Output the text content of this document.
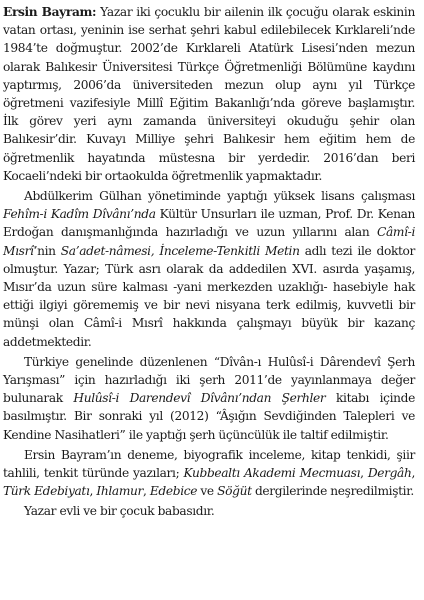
Ersin Bayram: Yazar iki çocuklu bir ailenin ilk çocuğu olarak eskinin vatan ortası, yeninin ise serhat şehri kabul edilebilecek Kırklareli’nde 1984’te doğmuştur. 2002’de Kırklareli Atatürk Lisesi’nden mezun olarak Balıkesir Üniversitesi Türkçe Öğretmenliği Bölümüne kaydını yaptırmış, 2006’da üniversiteden mezun olup aynı yıl Türkçe öğretmeni vazifesiyle Millî Eğitim Bakanlığı’nda göreve başlamıştır. İlk görev yeri aynı zamanda üniversiteyi okuduğu şehir olan Balıkesir’dir. Kuvayı Milliye şehri Balıkesir hem eğitim hem de öğretmenlik hayatında müstesna bir yerdedir. 2016’dan beri Kocaeli’ndeki bir ortaokulda öğretmenlik yapmaktadır.

Abdülkerim Gülhan yönetiminde yaptığı yüksek lisans çalışması Fehîm-i Kadîm Dîvânı’nda Kültür Unsurları ile uzman, Prof. Dr. Kenan Erdoğan danışmanlığında hazırladığı ve uzun yıllarını alan Câmî-i Mısrî’nin Sa’adet-nâmesi, İnceleme-Tenkitli Metin adlı tezi ile doktor olmuştur. Yazar; Türk asrı olarak da addedilen XVI. asırda yaşamış, Mısır’da uzun süre kalması -yani merkezden uzaklığı- hasebiyle hak ettiği ilgiyi görememiş ve bir nevi nisyana terk edilmiş, kuvvetli bir münşi olan Câmî-i Mısrî hakkında çalışmayı büyük bir kazanç addetmektedir.

Türkiye genelinde düzenlenen “Dîvân-ı Hulûsî-i Dârendevî Şerh Yarışması” için hazırladığı iki şerh 2011’de yayınlanmaya değer bulunarak Hulûsî-i Darendevî Dîvânı’ndan Şerhler kitabı içinde basılmıştır. Bir sonraki yıl (2012) “Âşığın Sevdiğinden Talepleri ve Kendine Nasihatleri” ile yaptığı şerh üçüncülük ile taltif edilmiştir.

Ersin Bayram’ın deneme, biyografik inceleme, kitap tenkidi, şiir tahlili, tenkit türünde yazıları; Kubbealtı Akademi Mecmuası, Dergâh, Türk Edebiyatı, Ihlamur, Edebice ve Söğüt dergilerinde neşredilmiştir.

Yazar evli ve bir çocuk babasıdır.
